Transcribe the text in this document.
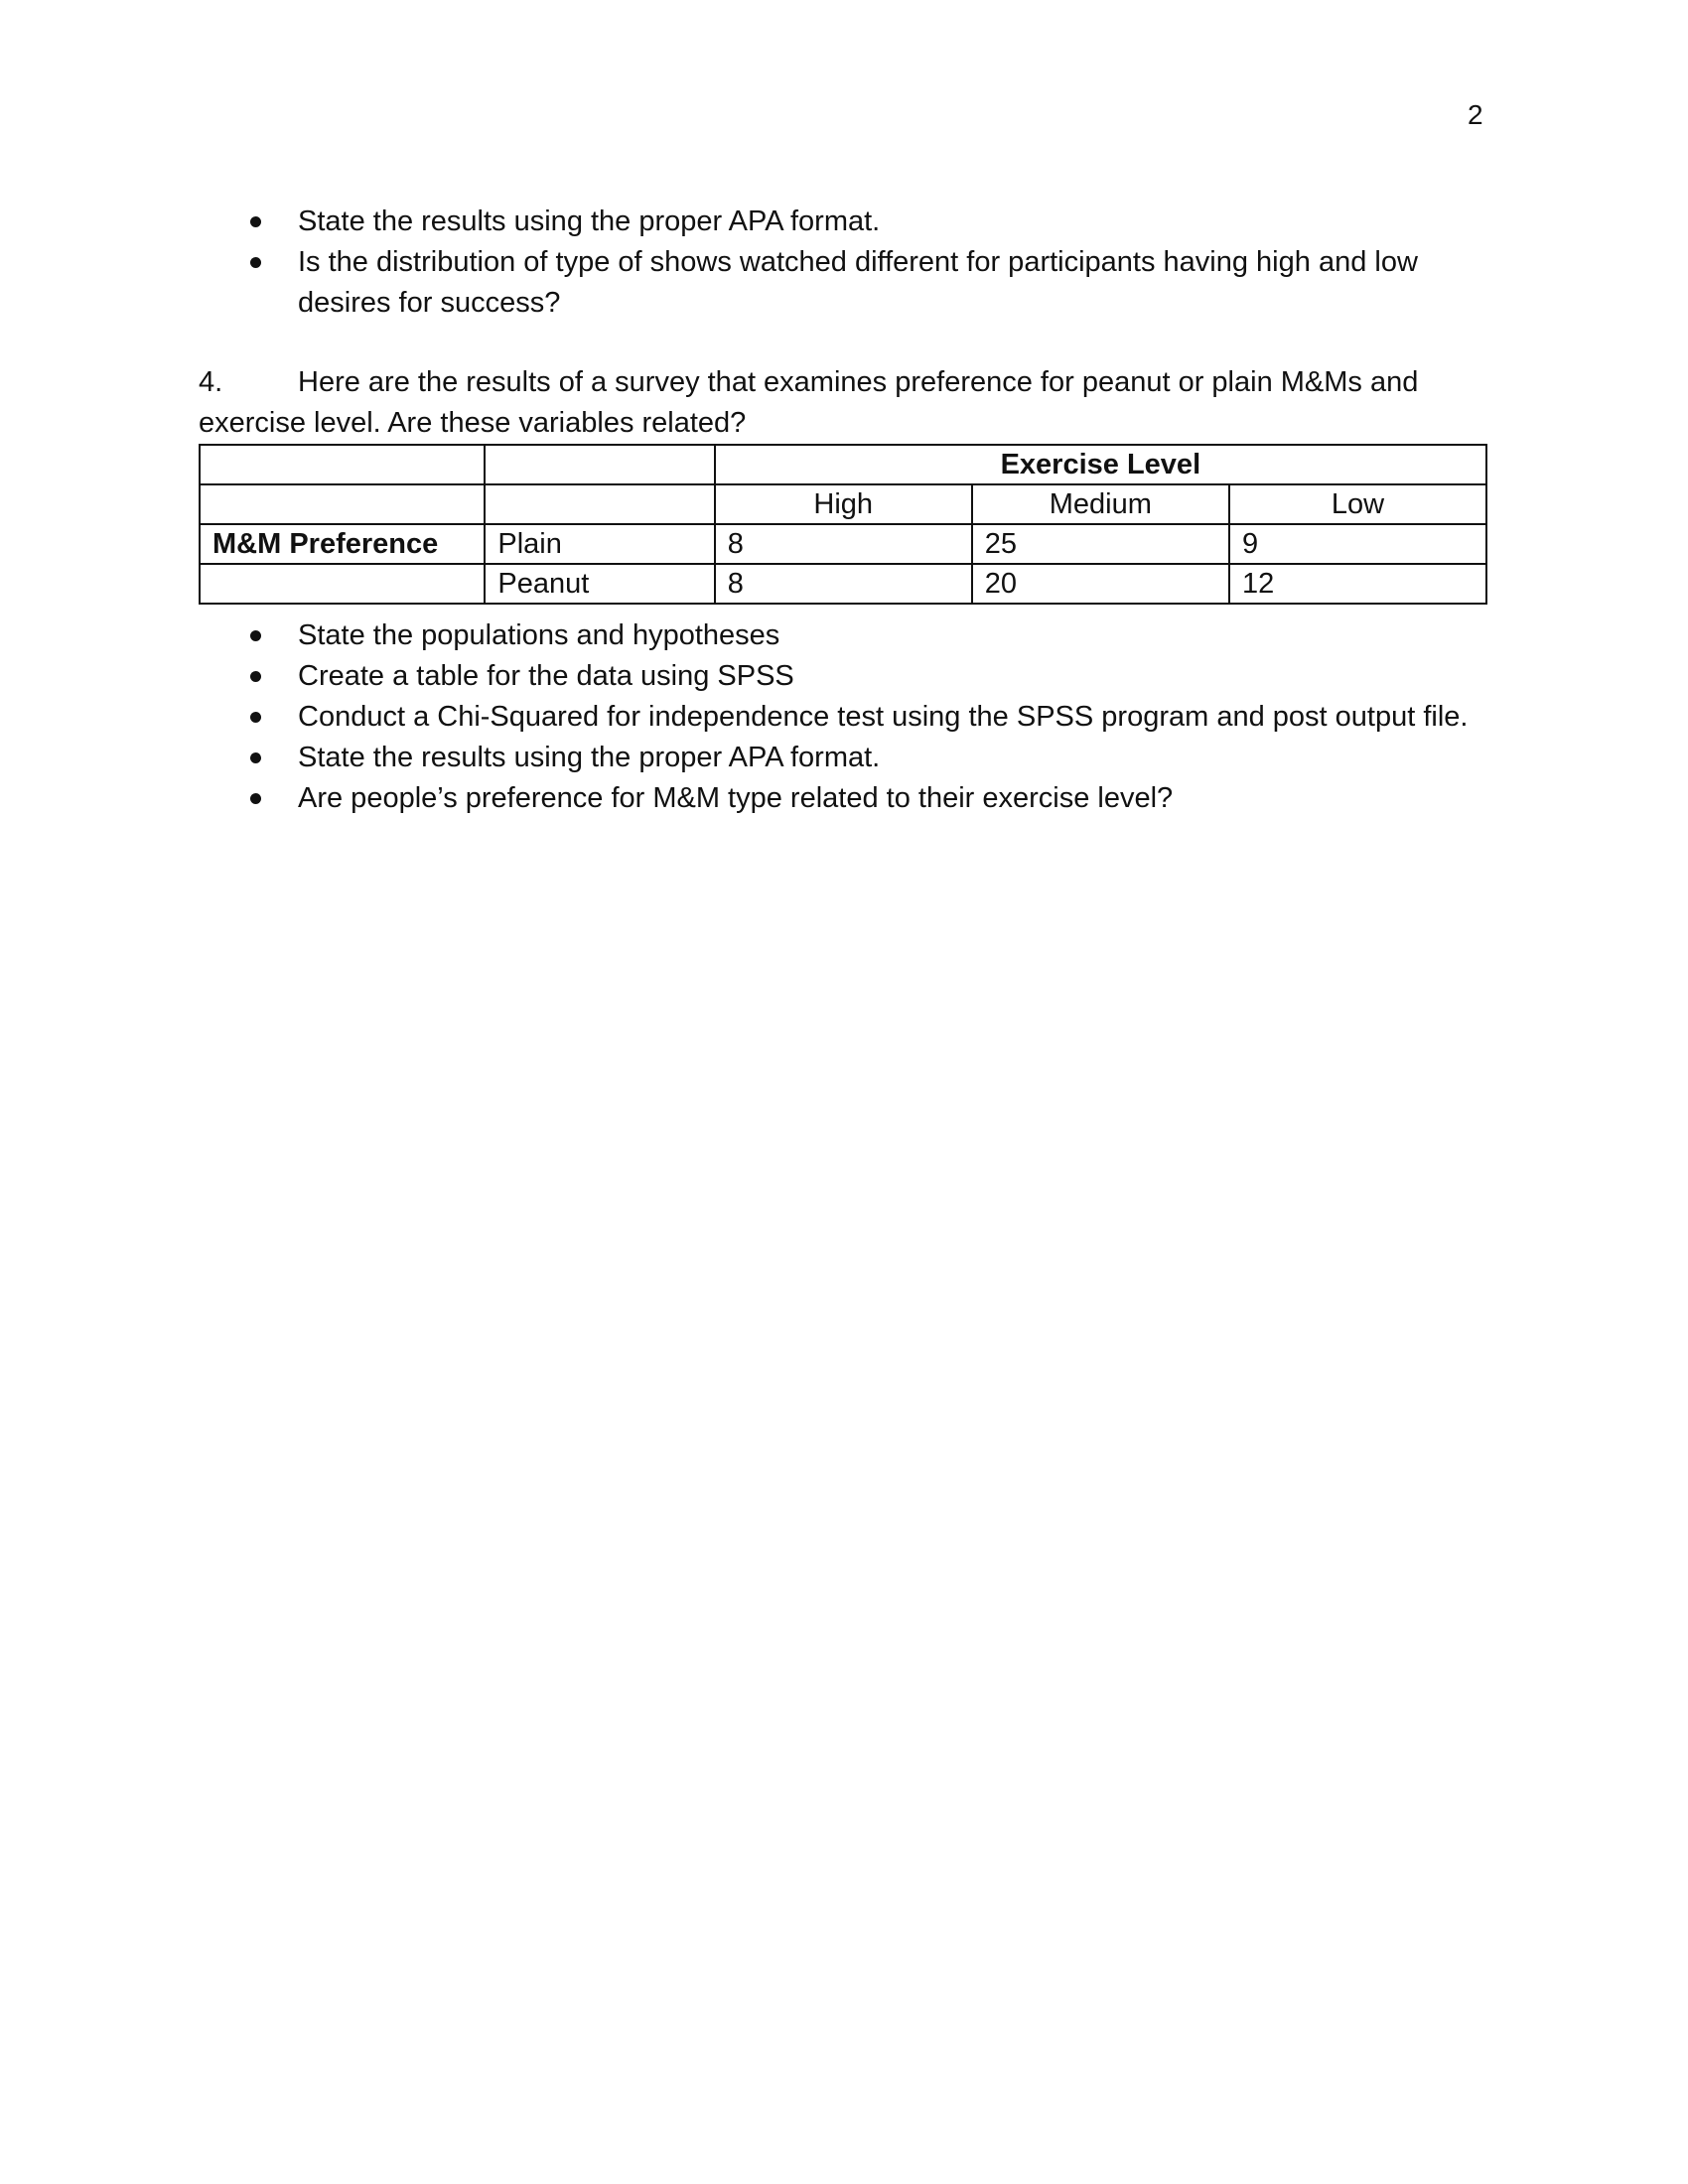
2
State the results using the proper APA format.
Is the distribution of type of shows watched different for participants having high and low desires for success?
4.	Here are the results of a survey that examines preference for peanut or plain M&Ms and exercise level. Are these variables related?
		Exercise Level		
		High	Medium	Low
M&M Preference	Plain	8	25	9
	Peanut	8	20	12
State the populations and hypotheses
Create a table for the data using SPSS
Conduct a Chi-Squared for independence test using the SPSS program and post output file.
State the results using the proper APA format.
Are people’s preference for M&M type related to their exercise level?
